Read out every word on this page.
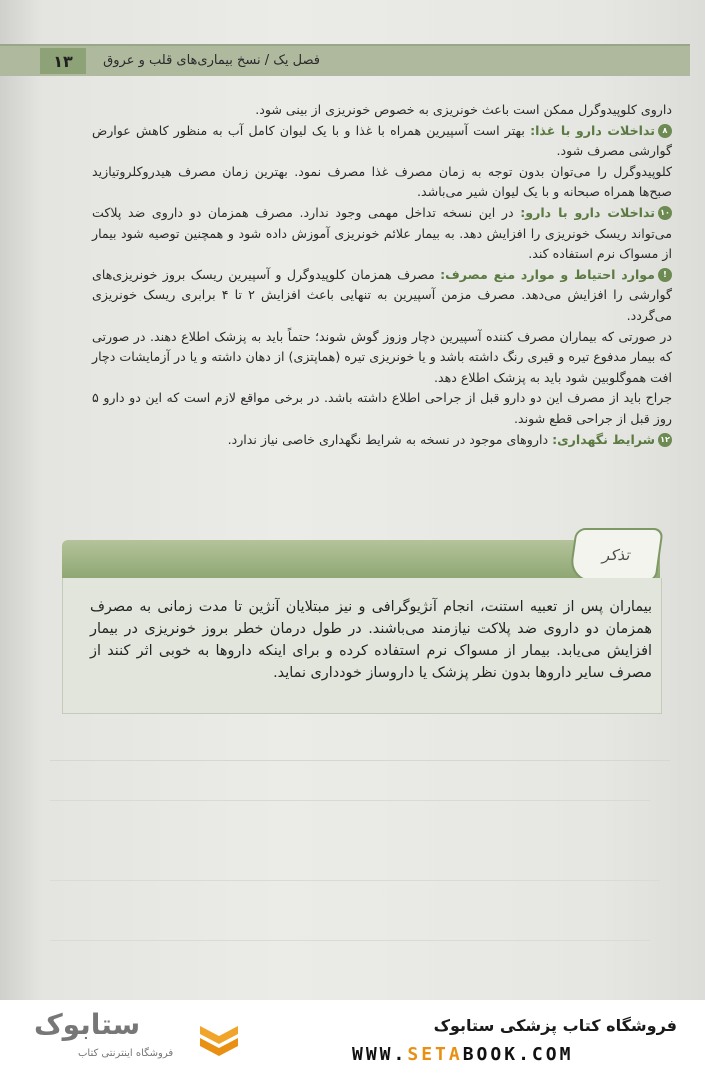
۱۳	فصل یک / نسخ بیماری‌های قلب و عروق

داروی کلوپیدوگرل ممکن است باعث خونریزی به خصوص خونریزی از بینی شود.

۸تداخلات دارو با غذا: بهتر است آسپیرین همراه با غذا و با یک لیوان کامل آب به منظور کاهش عوارض گوارشی مصرف شود.

کلوپیدوگرل را می‌توان بدون توجه به زمان مصرف غذا مصرف نمود. بهترین زمان مصرف هیدروکلروتیازید صبح‌ها همراه صبحانه و با یک لیوان شیر می‌باشد.

۱۰تداخلات دارو با دارو: در این نسخه تداخل مهمی وجود ندارد. مصرف همزمان دو داروی ضد پلاکت می‌تواند ریسک خونریزی را افزایش دهد. به بیمار علائم خونریزی آموزش داده شود و همچنین توصیه شود بیمار از مسواک نرم استفاده کند.

!موارد احتیاط و موارد منع مصرف: مصرف همزمان کلوپیدوگرل و آسپیرین ریسک بروز خونریزی‌های گوارشی را افزایش می‌دهد. مصرف مزمن آسپیرین به تنهایی باعث افزایش ۲ تا ۴ برابری ریسک خونریزی می‌گردد.

در صورتی که بیماران مصرف کننده آسپیرین دچار وزوز گوش شوند؛ حتماً باید به پزشک اطلاع دهند. در صورتی که بیمار مدفوع تیره و قیری رنگ داشته باشد و یا خونریزی تیره (هماپتزی) از دهان داشته و یا در آزمایشات دچار افت هموگلوبین شود باید به پزشک اطلاع دهد.

جراح باید از مصرف این دو دارو قبل از جراحی اطلاع داشته باشد. در برخی مواقع لازم است که این دو دارو ۵ روز قبل از جراحی قطع شوند.

۱۲شرایط نگهداری: داروهای موجود در نسخه به شرایط نگهداری خاصی نیاز ندارد.

تذکر
بیماران پس از تعبیه استنت، انجام آنژیوگرافی و نیز مبتلایان آنژین تا مدت زمانی به مصرف همزمان دو داروی ضد پلاکت نیازمند می‌باشند. در طول درمان خطر بروز خونریزی در بیمار افزایش می‌یابد. بیمار از مسواک نرم استفاده کرده و برای اینکه داروها به خوبی اثر کنند از مصرف سایر داروها بدون نظر پزشک یا داروساز خودداری نماید.
ستابوک
فروشگاه اینترنتی کتاب
فروشگاه کتاب پزشکی ستابوک
WWW.SETABOOK.COM
